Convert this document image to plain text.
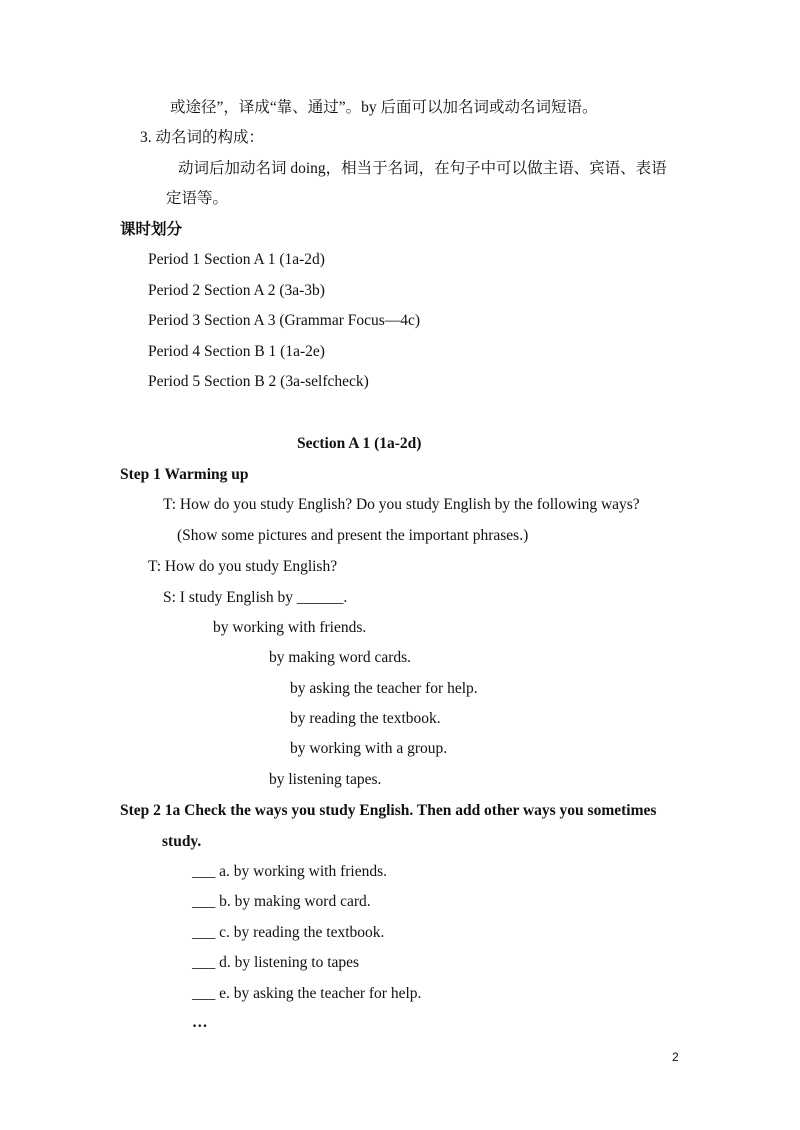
或途径”，译成“靠、通过”。by 后面可以加名词或动名词短语。
3. 动名词的构成：
动词后加动名词 doing，相当于名词，在句子中可以做主语、宾语、表语
定语等。
课时划分
Period 1 Section A 1 (1a-2d)
Period 2 Section A 2 (3a-3b)
Period 3 Section A 3 (Grammar Focus—4c)
Period 4 Section B 1 (1a-2e)
Period 5 Section B 2 (3a-selfcheck)
Section A 1 (1a-2d)
Step 1 Warming up
T: How do you study English? Do you study English by the following ways?
(Show some pictures and present the important phrases.)
T: How do you study English?
S: I study English by ______.
by working with friends.
by making word cards.
by asking the teacher for help.
by reading the textbook.
by working with a group.
by listening tapes.
Step 2 1a Check the ways you study English. Then add other ways you sometimes
study.
___ a. by working with friends.
___ b. by making word card.
___ c. by reading the textbook.
___ d. by listening to tapes
___ e. by asking the teacher for help.
…
2
